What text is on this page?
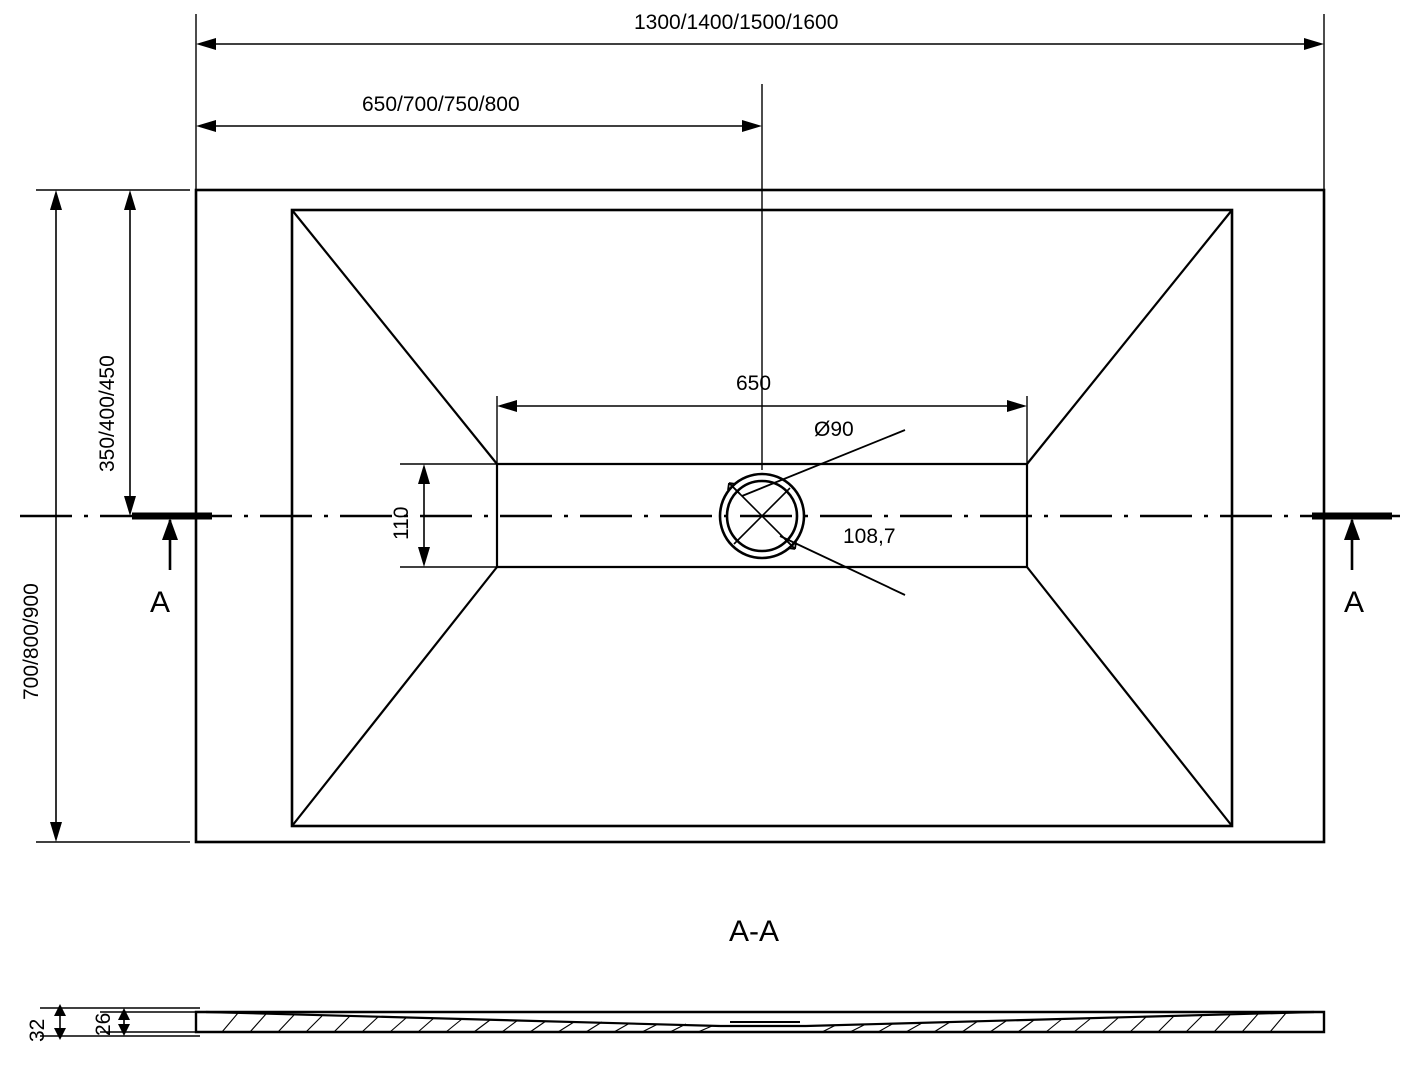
1300/1400/1500/1600
650/700/750/800
700/800/900
350/400/450	650
110
Ø90
108,7
A	A
A-A
32 26
